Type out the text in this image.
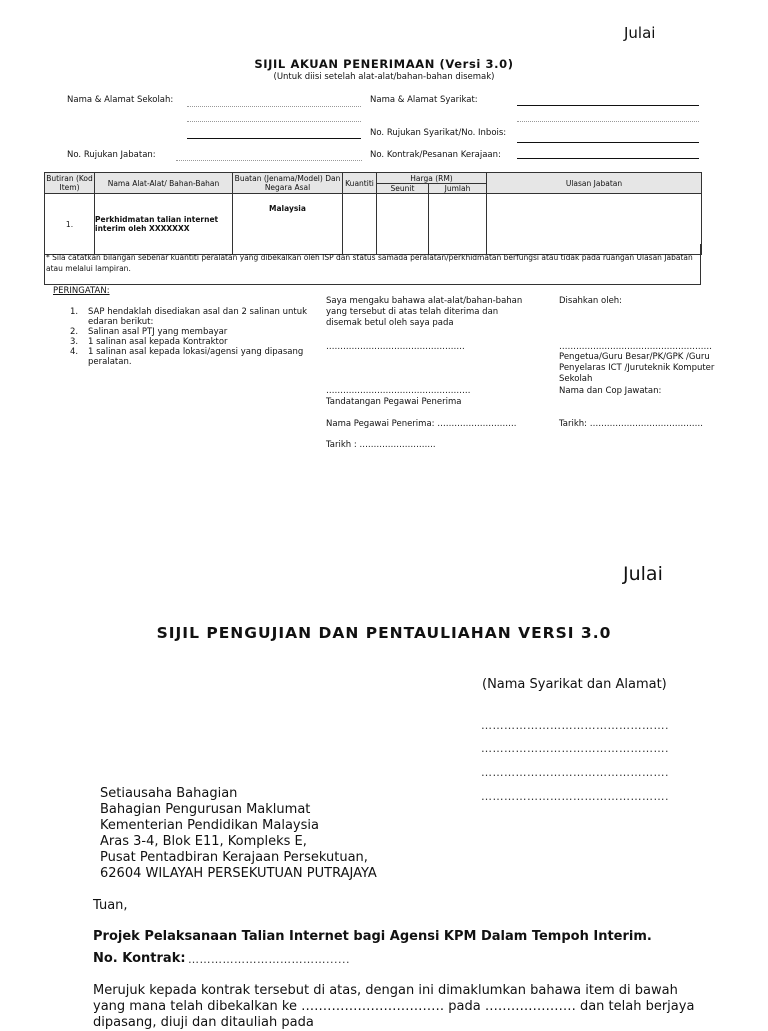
Julai
SIJIL AKUAN PENERIMAAN (Versi 3.0)
(Untuk diisi setelah alat-alat/bahan-bahan disemak)
Nama & Alamat Sekolah:	Nama & Alamat Syarikat:
No. Rujukan Syarikat/No. Inbois:
No. Kontrak/Pesanan Kerajaan:
No. Rujukan Jabatan:
Butiran (Kod Item)	Nama Alat-Alat/ Bahan-Bahan	Buatan (Jenama/Model) Dan Negara Asal	Kuantiti	Harga (RM)		Ulasan Jabatan
				Seunit	Jumlah	
1.	Perkhidmatan talian internet interim oleh XXXXXXX	Malaysia				
* Sila catatkan bilangan sebenar kuantiti peralatan yang dibekalkan oleh ISP dan status samada peralatan/perkhidmatan berfungsi atau tidak pada ruangan Ulasan Jabatan atau melalui lampiran.
PERINGATAN:
1. SAP hendaklah disediakan asal dan 2 salinan untuk edaran berikut:
2. Salinan asal PTJ yang membayar
3. 1 salinan asal kepada Kontraktor
4. 1 salinan asal kepada lokasi/agensi yang dipasang peralatan.
Saya mengaku bahawa alat-alat/bahan-bahan yang tersebut di atas telah diterima dan disemak betul oleh saya pada
………………………………………….
……………………………………………
Tandatangan Pegawai Penerima
Nama Pegawai Penerima: ……………………….
Tarikh : ……………………...
Disahkan oleh:
………………………………………………
Pengetua/Guru Besar/PK/GPK /Guru Penyelaras ICT /Juruteknik Komputer Sekolah
Nama dan Cop Jawatan:
Tarikh: ………………………………….
Julai
SIJIL PENGUJIAN DAN PENTAULIAHAN VERSI 3.0
(Nama Syarikat dan Alamat)
………………………………………….
………………………………………….
………………………………………….
………………………………………….
Setiausaha Bahagian
Bahagian Pengurusan Maklumat
Kementerian Pendidikan Malaysia
Aras 3-4, Blok E11, Kompleks E,
Pusat Pentadbiran Kerajaan Persekutuan,
62604 WILAYAH PERSEKUTUAN PUTRAJAYA
Tuan,
Projek Pelaksanaan Talian Internet bagi Agensi KPM Dalam Tempoh Interim.
No. Kontrak: ………………………………......
Merujuk kepada kontrak tersebut di atas, dengan ini dimaklumkan bahawa item di bawah
yang mana telah dibekalkan ke …………………………… pada ………………… dan telah berjaya
dipasang, diuji dan ditauliah pada
